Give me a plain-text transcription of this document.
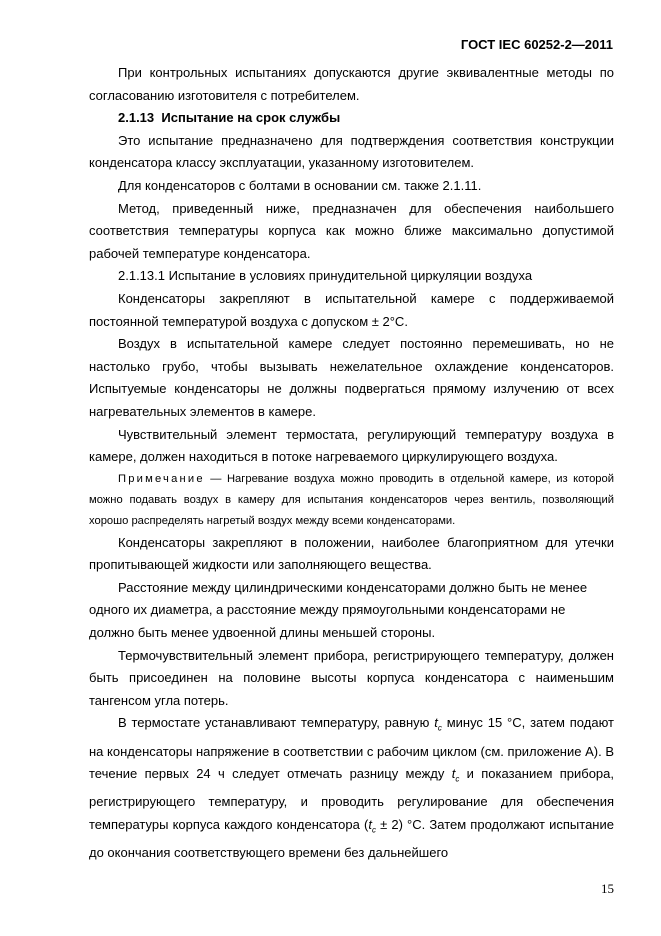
ГОСТ IEC 60252-2—2011

При контрольных испытаниях допускаются другие эквивалентные методы по согласованию изготовителя с потребителем.

2.1.13 Испытание на срок службы

Это испытание предназначено для подтверждения соответствия конструкции конденсатора классу эксплуатации, указанному изготовителем.

Для конденсаторов с болтами в основании см. также 2.1.11.

Метод, приведенный ниже, предназначен для обеспечения наибольшего соответствия температуры корпуса как можно ближе максимально допустимой рабочей температуре конденсатора.

2.1.13.1 Испытание в условиях принудительной циркуляции воздуха

Конденсаторы закрепляют в испытательной камере с поддерживаемой постоянной температурой воздуха с допуском ± 2°С.

Воздух в испытательной камере следует постоянно перемешивать, но не настолько грубо, чтобы вызывать нежелательное охлаждение конденсаторов. Испытуемые конденсаторы не должны подвергаться прямому излучению от всех нагревательных элементов в камере.

Чувствительный элемент термостата, регулирующий температуру воздуха в камере, должен находиться в потоке нагреваемого циркулирующего воздуха.

Примечание — Нагревание воздуха можно проводить в отдельной камере, из которой можно подавать воздух в камеру для испытания конденсаторов через вентиль, позволяющий хорошо распределять нагретый воздух между всеми конденсаторами.

Конденсаторы закрепляют в положении, наиболее благоприятном для утечки пропитывающей жидкости или заполняющего вещества.

Расстояние между цилиндрическими конденсаторами должно быть не менее одного их диаметра, а расстояние между прямоугольными конденсаторами не должно быть менее удвоенной длины меньшей стороны.

Термочувствительный элемент прибора, регистрирующего температуру, должен быть присоединен на половине высоты корпуса конденсатора с наименьшим тангенсом угла потерь.

В термостате устанавливают температуру, равную $t_c$ минус 15 °С, затем подают на конденсаторы напряжение в соответствии с рабочим циклом (см. приложение А). В течение первых 24 ч следует отмечать разницу между $t_c$ и показанием прибора, регистрирующего температуру, и проводить регулирование для обеспечения температуры корпуса каждого конденсатора $(t_c \pm 2)$ °С. Затем продолжают испытание до окончания соответствующего времени без дальнейшего

15
